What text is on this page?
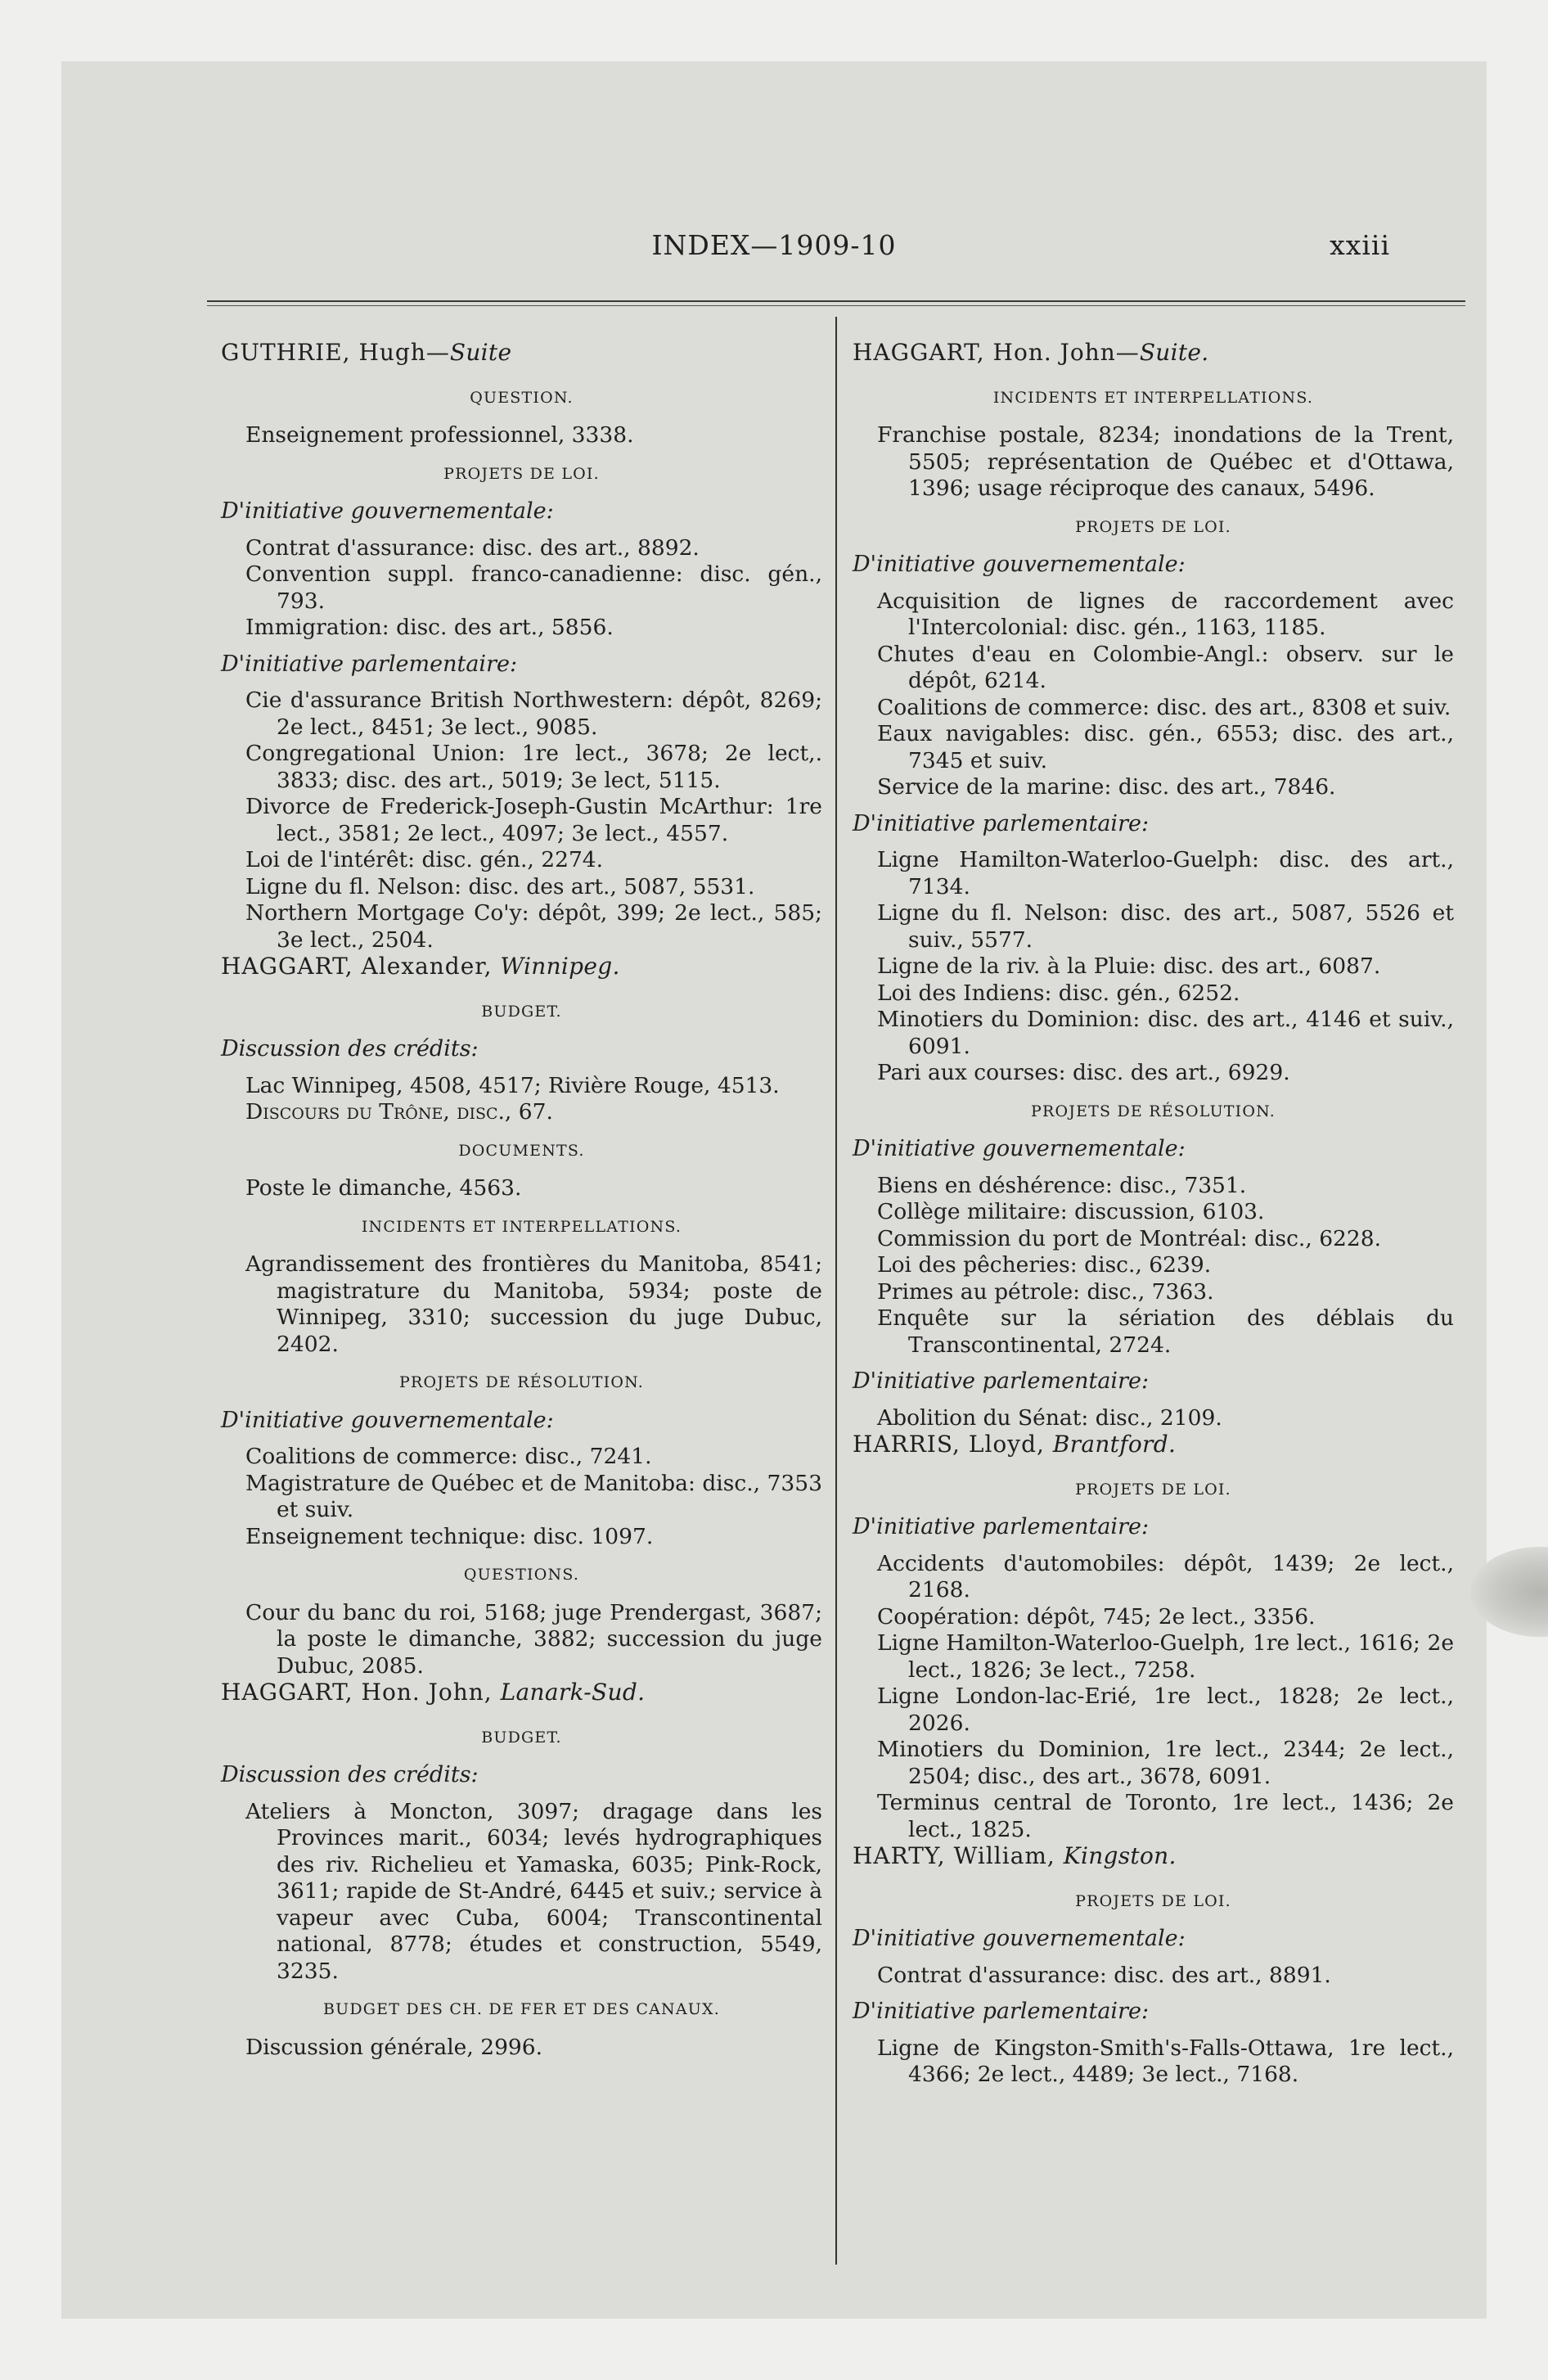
INDEX—1909-10	xxiii
GUTHRIE, Hugh—Suite
QUESTION.
Enseignement professionnel, 3338.
PROJETS DE LOI.
D'initiative gouvernementale:
Contrat d'assurance: disc. des art., 8892.
Convention suppl. franco-canadienne: disc. gén., 793.
Immigration: disc. des art., 5856.
D'initiative parlementaire:
Cie d'assurance British Northwestern: dépôt, 8269; 2e lect., 8451; 3e lect., 9085.
Congregational Union: 1re lect., 3678; 2e lect,. 3833; disc. des art., 5019; 3e lect, 5115.
Divorce de Frederick-Joseph-Gustin McArthur: 1re lect., 3581; 2e lect., 4097; 3e lect., 4557.
Loi de l'intérêt: disc. gén., 2274.
Ligne du fl. Nelson: disc. des art., 5087, 5531.
Northern Mortgage Co'y: dépôt, 399; 2e lect., 585; 3e lect., 2504.
HAGGART, Alexander, Winnipeg.
BUDGET.
Discussion des crédits:
Lac Winnipeg, 4508, 4517; Rivière Rouge, 4513.
Discours du Trône, disc., 67.
DOCUMENTS.
Poste le dimanche, 4563.
INCIDENTS ET INTERPELLATIONS.
Agrandissement des frontières du Manitoba, 8541; magistrature du Manitoba, 5934; poste de Winnipeg, 3310; succession du juge Dubuc, 2402.
PROJETS DE RÉSOLUTION.
D'initiative gouvernementale:
Coalitions de commerce: disc., 7241.
Magistrature de Québec et de Manitoba: disc., 7353 et suiv.
Enseignement technique: disc. 1097.
QUESTIONS.
Cour du banc du roi, 5168; juge Prendergast, 3687; la poste le dimanche, 3882; succession du juge Dubuc, 2085.
HAGGART, Hon. John, Lanark-Sud.
BUDGET.
Discussion des crédits:
Ateliers à Moncton, 3097; dragage dans les Provinces marit., 6034; levés hydrographiques des riv. Richelieu et Yamaska, 6035; Pink-Rock, 3611; rapide de St-André, 6445 et suiv.; service à vapeur avec Cuba, 6004; Transcontinental national, 8778; études et construction, 5549, 3235.
BUDGET DES CH. DE FER ET DES CANAUX.
Discussion générale, 2996.
HAGGART, Hon. John—Suite.
INCIDENTS ET INTERPELLATIONS.
Franchise postale, 8234; inondations de la Trent, 5505; représentation de Québec et d'Ottawa, 1396; usage réciproque des canaux, 5496.
PROJETS DE LOI.
D'initiative gouvernementale:
Acquisition de lignes de raccordement avec l'Intercolonial: disc. gén., 1163, 1185.
Chutes d'eau en Colombie-Angl.: observ. sur le dépôt, 6214.
Coalitions de commerce: disc. des art., 8308 et suiv.
Eaux navigables: disc. gén., 6553; disc. des art., 7345 et suiv.
Service de la marine: disc. des art., 7846.
D'initiative parlementaire:
Ligne Hamilton-Waterloo-Guelph: disc. des art., 7134.
Ligne du fl. Nelson: disc. des art., 5087, 5526 et suiv., 5577.
Ligne de la riv. à la Pluie: disc. des art., 6087.
Loi des Indiens: disc. gén., 6252.
Minotiers du Dominion: disc. des art., 4146 et suiv., 6091.
Pari aux courses: disc. des art., 6929.
PROJETS DE RÉSOLUTION.
D'initiative gouvernementale:
Biens en déshérence: disc., 7351.
Collège militaire: discussion, 6103.
Commission du port de Montréal: disc., 6228.
Loi des pêcheries: disc., 6239.
Primes au pétrole: disc., 7363.
Enquête sur la sériation des déblais du Transcontinental, 2724.
D'initiative parlementaire:
Abolition du Sénat: disc., 2109.
HARRIS, Lloyd, Brantford.
PROJETS DE LOI.
D'initiative parlementaire:
Accidents d'automobiles: dépôt, 1439; 2e lect., 2168.
Coopération: dépôt, 745; 2e lect., 3356.
Ligne Hamilton-Waterloo-Guelph, 1re lect., 1616; 2e lect., 1826; 3e lect., 7258.
Ligne London-lac-Erié, 1re lect., 1828; 2e lect., 2026.
Minotiers du Dominion, 1re lect., 2344; 2e lect., 2504; disc., des art., 3678, 6091.
Terminus central de Toronto, 1re lect., 1436; 2e lect., 1825.
HARTY, William, Kingston.
PROJETS DE LOI.
D'initiative gouvernementale:
Contrat d'assurance: disc. des art., 8891.
D'initiative parlementaire:
Ligne de Kingston-Smith's-Falls-Ottawa, 1re lect., 4366; 2e lect., 4489; 3e lect., 7168.
